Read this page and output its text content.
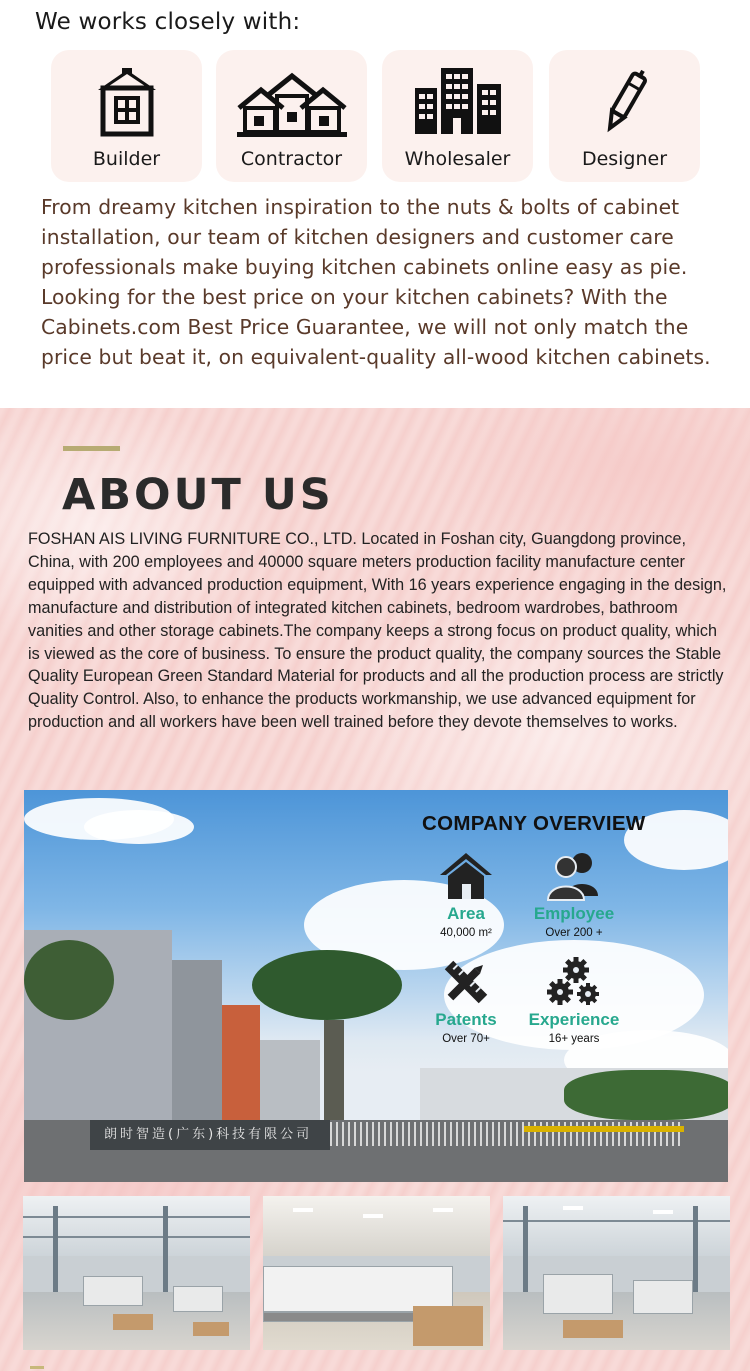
We works closely with:
Builder	Contractor	Wholesaler	Designer

From dreamy kitchen inspiration to the nuts & bolts of cabinet installation, our team of kitchen designers and customer care professionals make buying kitchen cabinets online easy as pie. Looking for the best price on your kitchen cabinets? With the Cabinets.com Best Price Guarantee, we will not only match the price but beat it, on equivalent-quality all-wood kitchen cabinets.

ABOUT US

FOSHAN AIS LIVING FURNITURE CO., LTD. Located in Foshan city, Guangdong province, China, with 200 employees and 40000 square meters production facility manufacture center equipped with advanced production equipment, With 16 years experience engaging in the design, manufacture and distribution of integrated kitchen cabinets, bedroom wardrobes, bathroom vanities and other storage cabinets.The company keeps a strong focus on product quality, which is viewed as the core of business. To ensure the product quality, the company sources the Stable Quality European Green Standard Material for products and all the production process are strictly Quality Control. Also, to enhance the products workmanship, we use advanced equipment for production and all workers have been well trained before they devote themselves to works.

朗时智造(广东)科技有限公司
COMPANY OVERVIEW
Area
40,000 m²
Employee
Over 200 +
Patents
Over 70+
Experience
16+ years
